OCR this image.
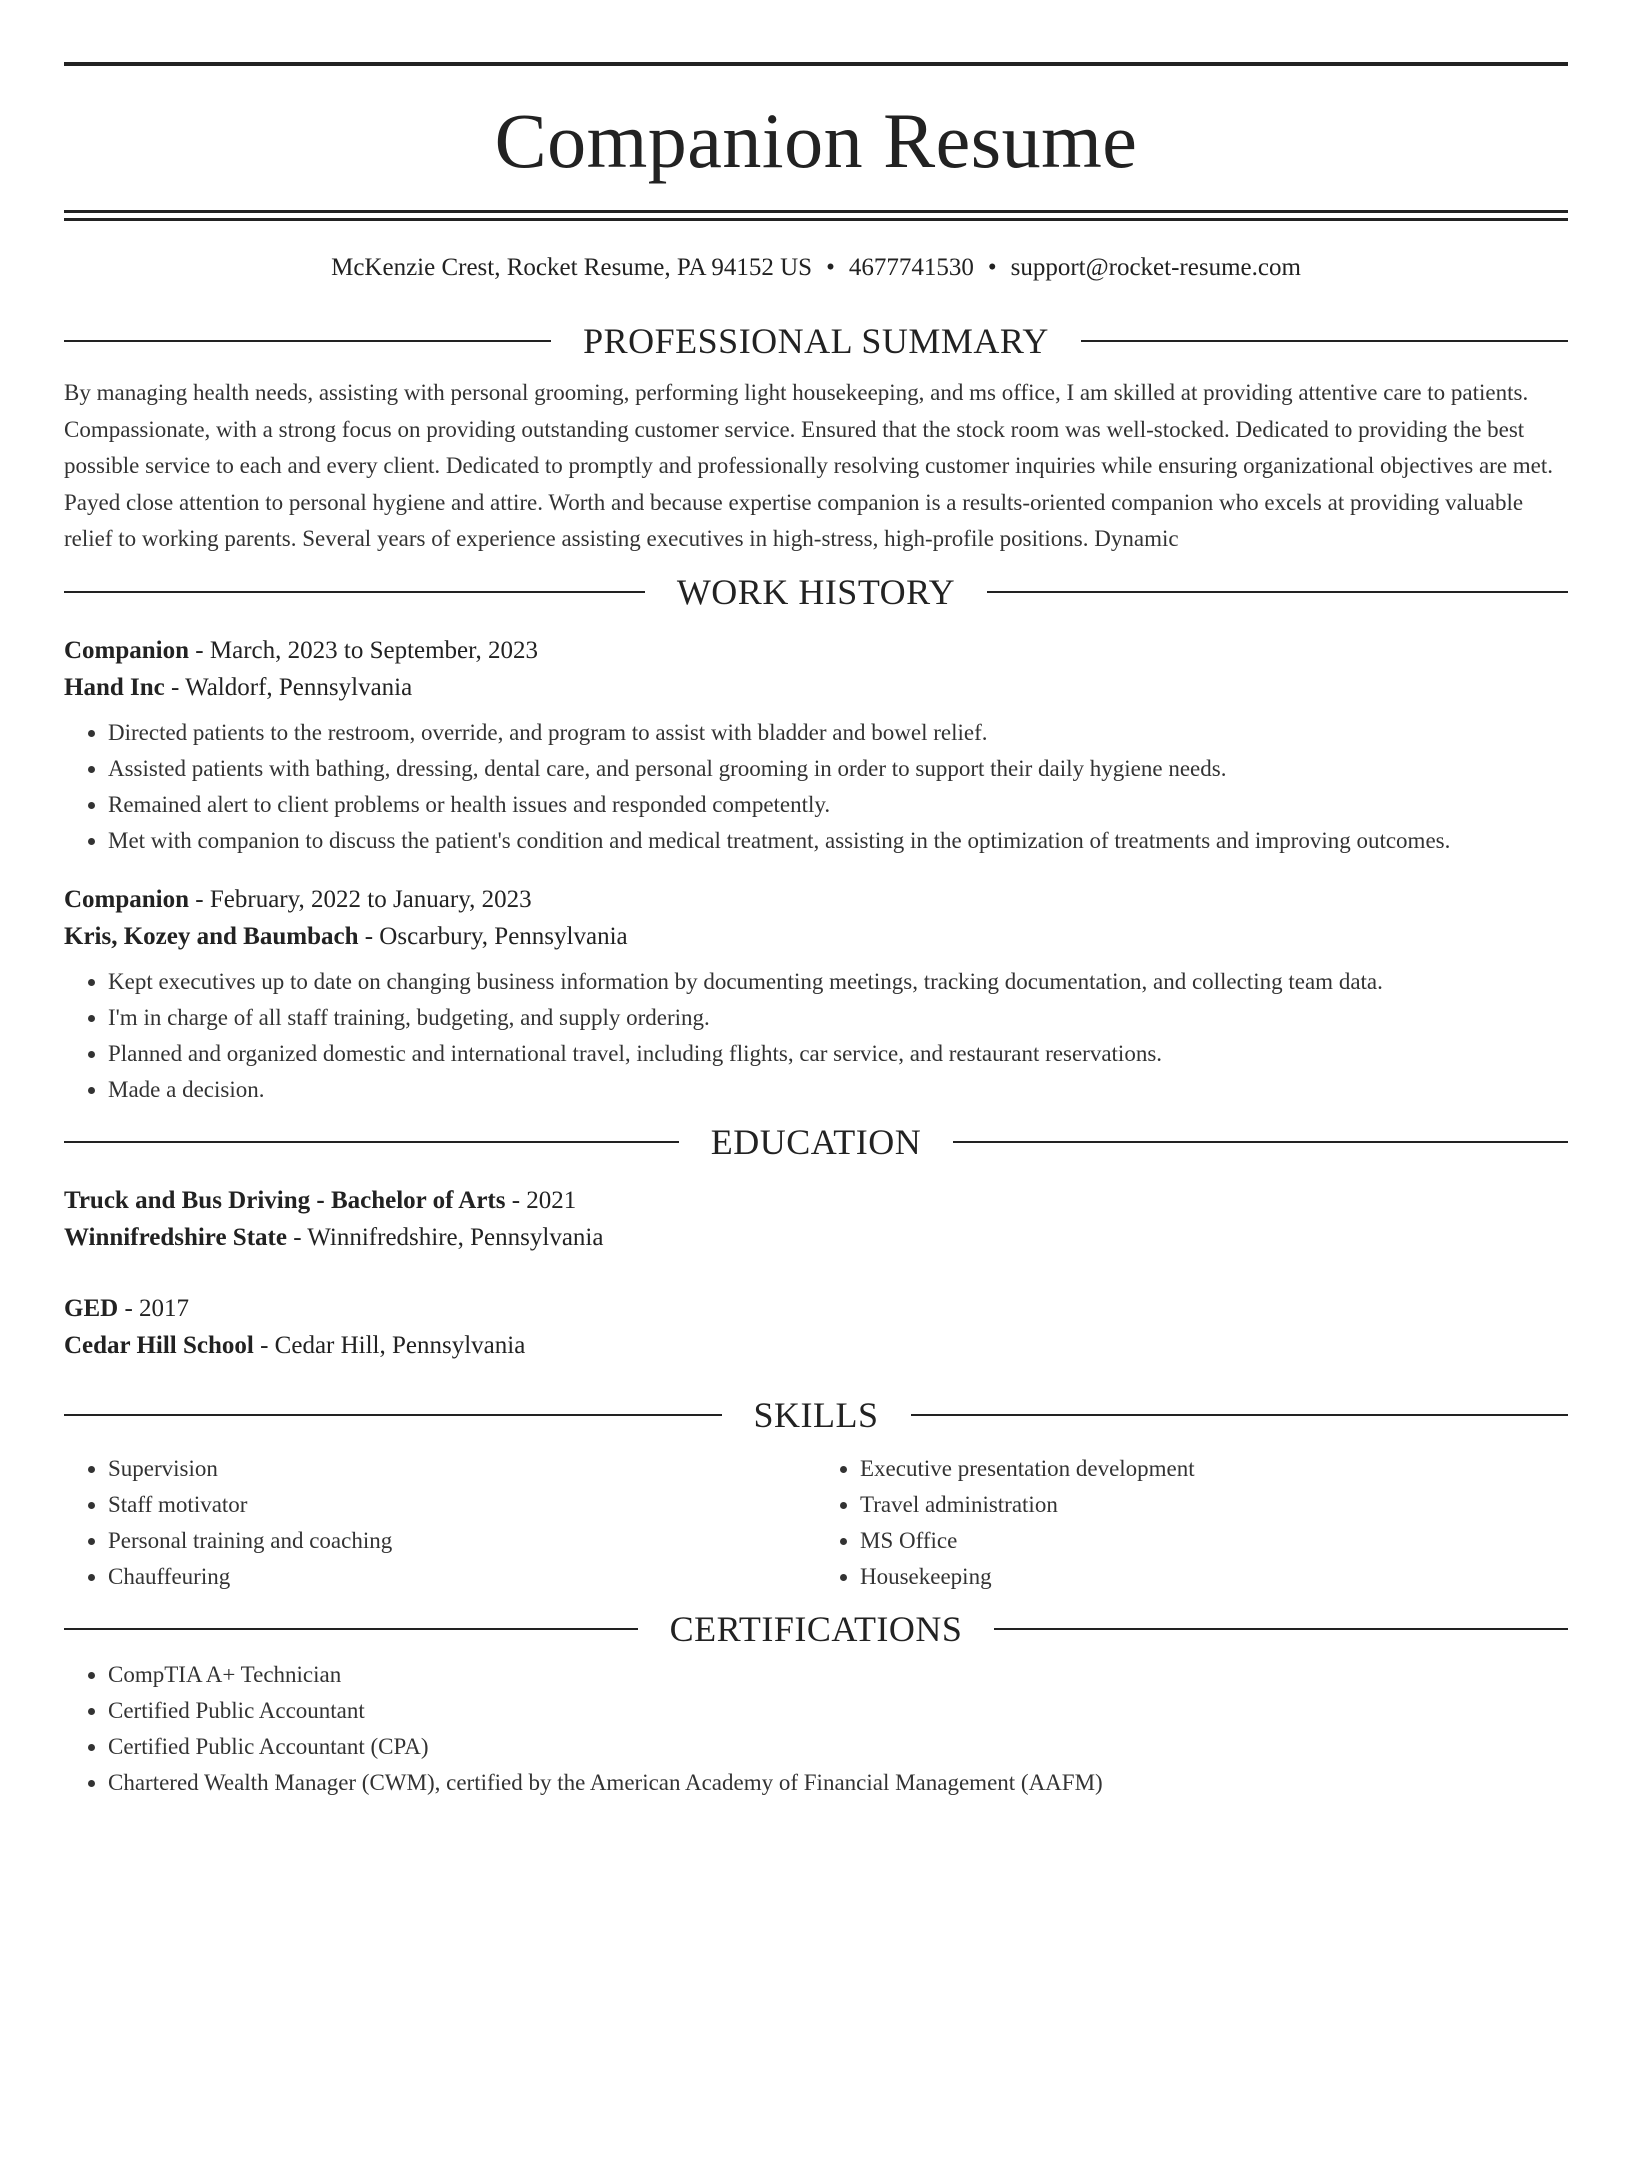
Companion Resume
McKenzie Crest, Rocket Resume, PA 94152 US • 4677741530 • support@rocket-resume.com
PROFESSIONAL SUMMARY

By managing health needs, assisting with personal grooming, performing light housekeeping, and ms office, I am skilled at providing attentive care to patients. Compassionate, with a strong focus on providing outstanding customer service. Ensured that the stock room was well-stocked. Dedicated to providing the best possible service to each and every client. Dedicated to promptly and professionally resolving customer inquiries while ensuring organizational objectives are met. Payed close attention to personal hygiene and attire. Worth and because expertise companion is a results-oriented companion who excels at providing valuable relief to working parents. Several years of experience assisting executives in high-stress, high-profile positions. Dynamic

WORK HISTORY
Companion - March, 2023 to September, 2023
Hand Inc - Waldorf, Pennsylvania
• Directed patients to the restroom, override, and program to assist with bladder and bowel relief.
• Assisted patients with bathing, dressing, dental care, and personal grooming in order to support their daily hygiene needs.
• Remained alert to client problems or health issues and responded competently.
• Met with companion to discuss the patient's condition and medical treatment, assisting in the optimization of treatments and improving outcomes.
Companion - February, 2022 to January, 2023
Kris, Kozey and Baumbach - Oscarbury, Pennsylvania
• Kept executives up to date on changing business information by documenting meetings, tracking documentation, and collecting team data.
• I'm in charge of all staff training, budgeting, and supply ordering.
• Planned and organized domestic and international travel, including flights, car service, and restaurant reservations.
• Made a decision.
EDUCATION
Truck and Bus Driving - Bachelor of Arts - 2021
Winnifredshire State - Winnifredshire, Pennsylvania
GED - 2017
Cedar Hill School - Cedar Hill, Pennsylvania
SKILLS
• Supervision
• Staff motivator
• Personal training and coaching
• Chauffeuring
• Executive presentation development
• Travel administration
• MS Office
• Housekeeping
CERTIFICATIONS
• CompTIA A+ Technician
• Certified Public Accountant
• Certified Public Accountant (CPA)
• Chartered Wealth Manager (CWM), certified by the American Academy of Financial Management (AAFM)
